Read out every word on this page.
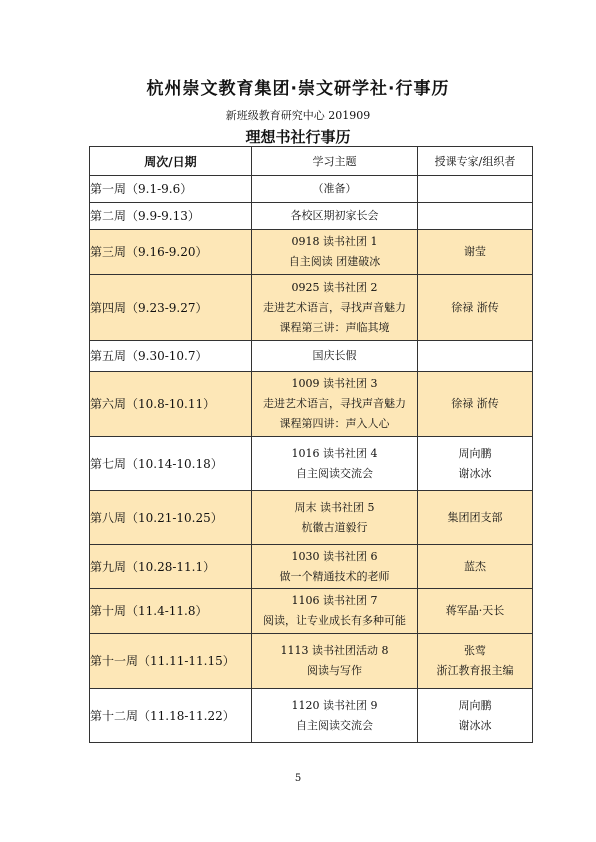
杭州崇文教育集团·崇文研学社·行事历
新班级教育研究中心 201909
理想书社行事历
周次/日期	学习主题	授课专家/组织者
第一周（9.1-9.6）	（准备）	

第二周（9.9-9.13）	各校区期初家长会	

第三周（9.16-9.20）	0918 读书社团 1
自主阅读 团建破冰	谢莹

第四周（9.23-9.27）	0925 读书社团 2
走进艺术语言，寻找声音魅力
课程第三讲：声临其境	徐禄 浙传

第五周（9.30-10.7）	国庆长假	

第六周（10.8-10.11）	1009 读书社团 3
走进艺术语言，寻找声音魅力
课程第四讲：声入人心	徐禄 浙传

第七周（10.14-10.18）	1016 读书社团 4
自主阅读交流会	周向鹏
谢冰冰

第八周（10.21-10.25）	周末 读书社团 5
杭徽古道毅行	集团团支部

第九周（10.28-11.1）	1030 读书社团 6
做一个精通技术的老师	蓝杰

第十周（11.4-11.8）	1106 读书社团 7
阅读，让专业成长有多种可能	蒋军晶·天长

第十一周（11.11-11.15）	1113 读书社团活动 8
阅读与写作	张莺
浙江教育报主编

第十二周（11.18-11.22）	1120 读书社团 9
自主阅读交流会	周向鹏
谢冰冰
5
